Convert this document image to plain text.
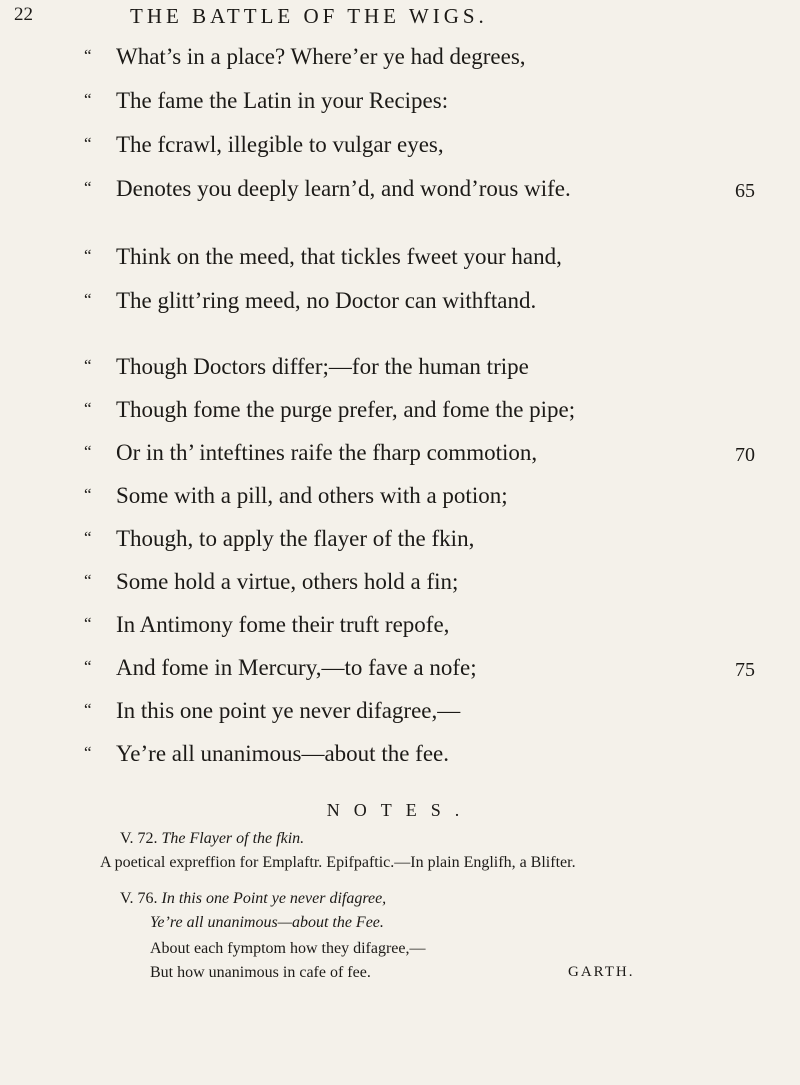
22	THE BATTLE OF THE WIGS.
“ What’s in a place? Where’er ye had degrees,
“ The fame the Latin in your Recipes:
“ The fcrawl, illegible to vulgar eyes,
“ Denotes you deeply learn’d, and wond’rous wife.
“ Think on the meed, that tickles fweet your hand,
“ The glitt’ring meed, no Doctor can withftand.
“ Though Doctors differ;—for the human tripe
“ Though fome the purge prefer, and fome the pipe;
“ Or in th’ inteftines raife the fharp commotion,
“ Some with a pill, and others with a potion;
“ Though, to apply the flayer of the fkin,
“ Some hold a virtue, others hold a fin;
“ In Antimony fome their truft repofe,
“ And fome in Mercury,—to fave a nofe;
“ In this one point ye never difagree,—
“ Ye’re all unanimous—about the fee.
65
70
75
NOTES.
V. 72. The Flayer of the fkin.
A poetical expreffion for Emplaftr. Epifpaftic.—In plain Englifh, a Blifter.
V. 76. In this one Point ye never difagree,
Ye’re all unanimous—about the Fee.
About each fymptom how they difagree,—
But how unanimous in cafe of fee.	GARTH.
